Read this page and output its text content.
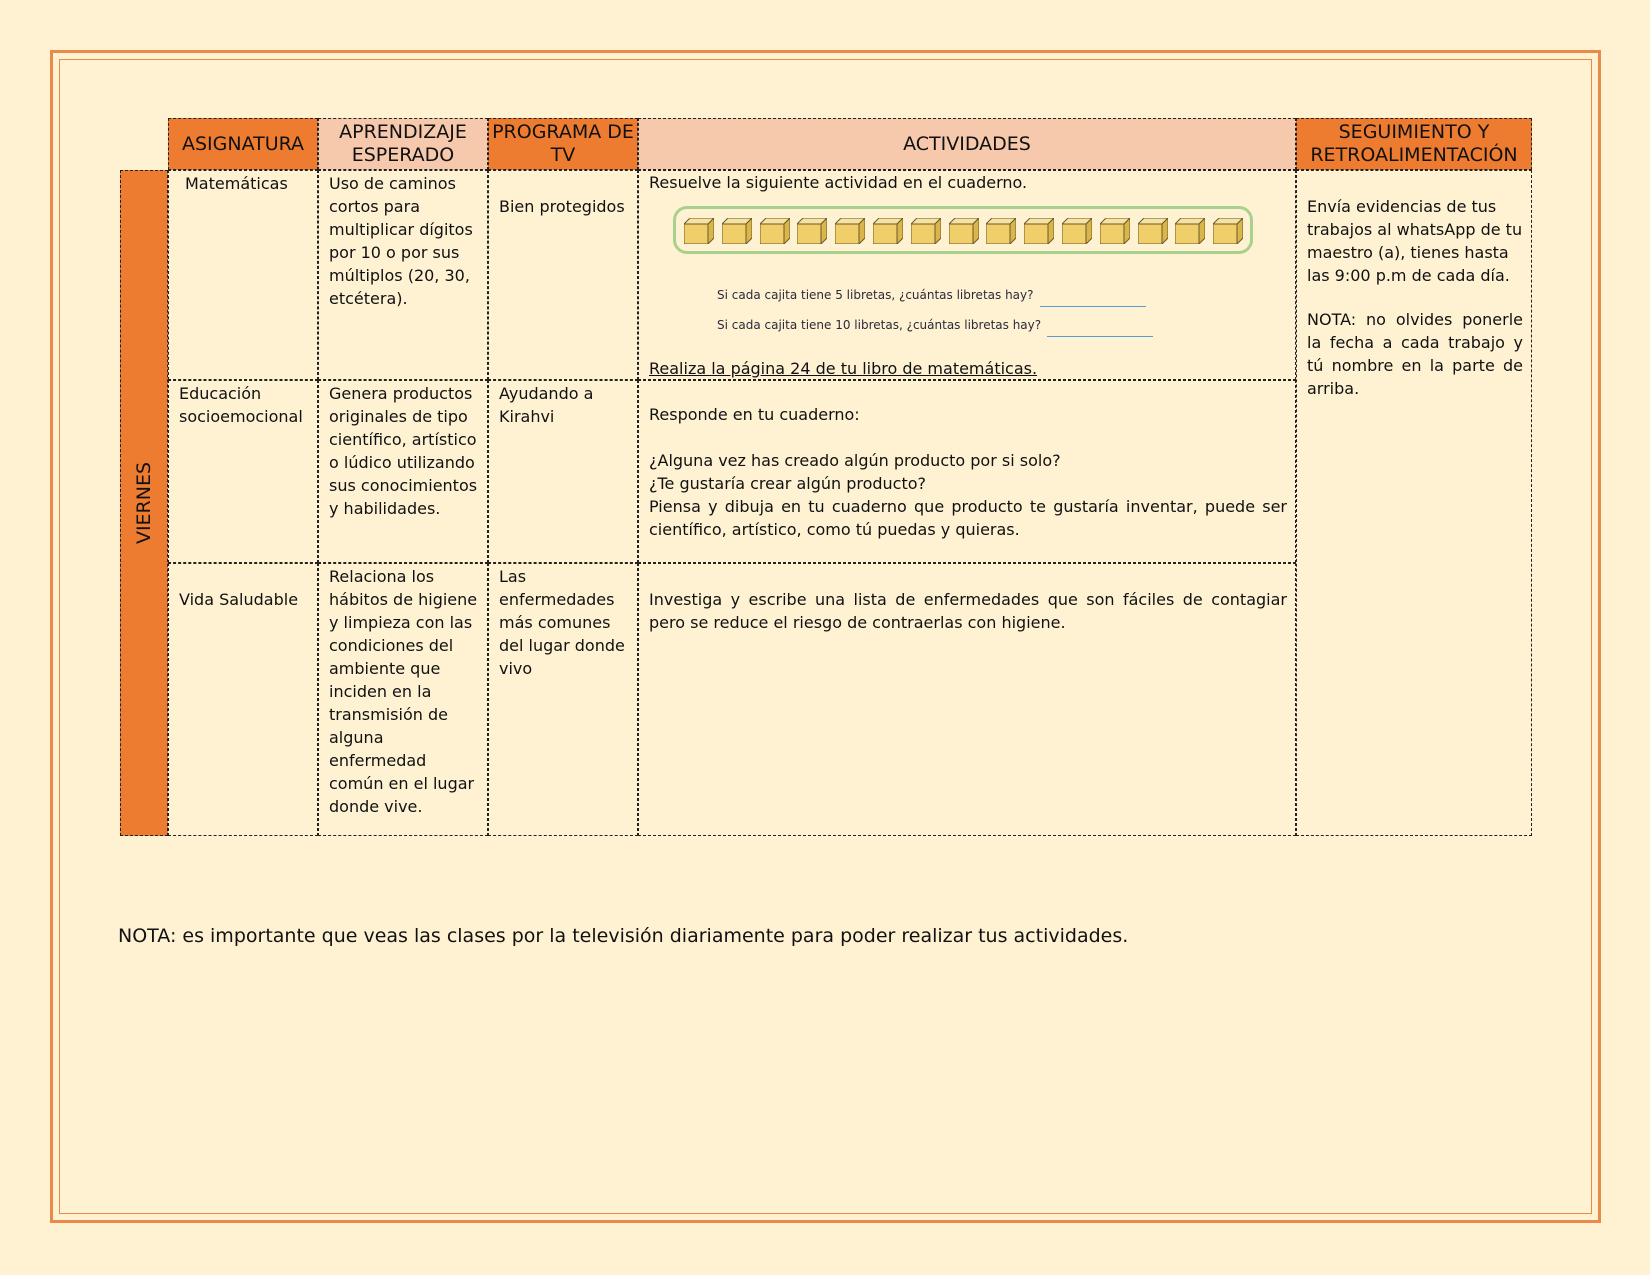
ASIGNATURA
APRENDIZAJE ESPERADO
PROGRAMA DE TV
ACTIVIDADES
SEGUIMIENTO Y RETROALIMENTACIÓN
VIERNES
Matemáticas	Uso de caminos cortos para multiplicar dígitos por 10 o por sus múltiplos (20, 30, etcétera).
Bien protegidos
Resuelve la siguiente actividad en el cuaderno.
Si cada cajita tiene 5 libretas, ¿cuántas libretas hay?
Si cada cajita tiene 10 libretas, ¿cuántas libretas hay?
Realiza la página 24 de tu libro de matemáticas.
Educación socioemocional
Genera productos originales de tipo científico, artístico o lúdico utilizando sus conocimientos y habilidades.
Ayudando a Kirahvi	Responde en tu cuaderno:
¿Alguna vez has creado algún producto por si solo?
¿Te gustaría crear algún producto?
Piensa y dibuja en tu cuaderno que producto te gustaría inventar, puede ser científico, artístico, como tú puedas y quieras.
Vida Saludable
Relaciona los hábitos de higiene y limpieza con las condiciones del ambiente que inciden en la transmisión de alguna enfermedad común en el lugar donde vive.
Las enfermedades más comunes del lugar donde vivo
Investiga y escribe una lista de enfermedades que son fáciles de contagiar pero se reduce el riesgo de contraerlas con higiene.
Envía evidencias de tus trabajos al whatsApp de tu maestro (a), tienes hasta las 9:00 p.m de cada día.
NOTA: no olvides ponerle la fecha a cada trabajo y tú nombre en la parte de arriba.
NOTA: es importante que veas las clases por la televisión diariamente para poder realizar tus actividades.
